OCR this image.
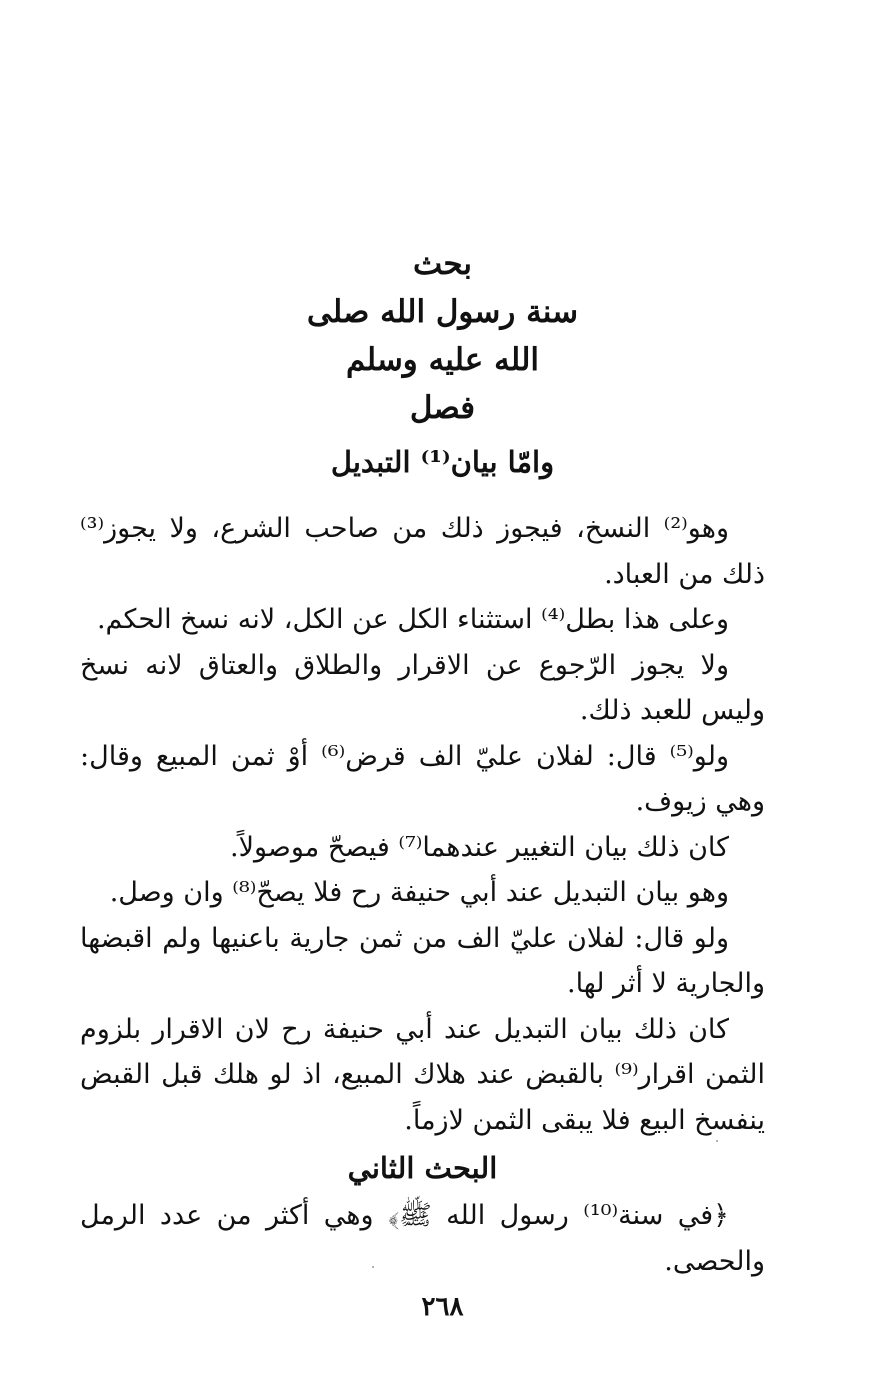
بحث
سنة رسول الله صلى
الله عليه وسلم
فصل
وامّا بيان⁽¹⁾ التبديل

وهو⁽²⁾ النسخ، فيجوز ذلك من صاحب الشرع، ولا يجوز⁽³⁾ ذلك من العباد.

وعلى هذا بطل⁽⁴⁾ استثناء الكل عن الكل، لانه نسخ الحكم.

ولا يجوز الرّجوع عن الاقرار والطلاق والعتاق لانه نسخ وليس للعبد ذلك.

ولو⁽⁵⁾ قال: لفلان عليّ الف قرض⁽⁶⁾ أوْ ثمن المبيع وقال: وهي زيوف.

كان ذلك بيان التغيير عندهما⁽⁷⁾ فيصحّ موصولاً.

وهو بيان التبديل عند أبي حنيفة رح فلا يصحّ⁽⁸⁾ وان وصل.

ولو قال: لفلان عليّ الف من ثمن جارية باعنيها ولم اقبضها والجارية لا أثر لها.

كان ذلك بيان التبديل عند أبي حنيفة رح لان الاقرار بلزوم الثمن اقرار⁽⁹⁾ بالقبض عند هلاك المبيع، اذ لو هلك قبل القبض ينفسخ البيع فلا يبقى الثمن لازماً.

البحث الثاني

﴿في سنة⁽¹⁰⁾ رسول الله ﷺ﴾ وهي أكثر من عدد الرمل والحصى.

٢٦٨
